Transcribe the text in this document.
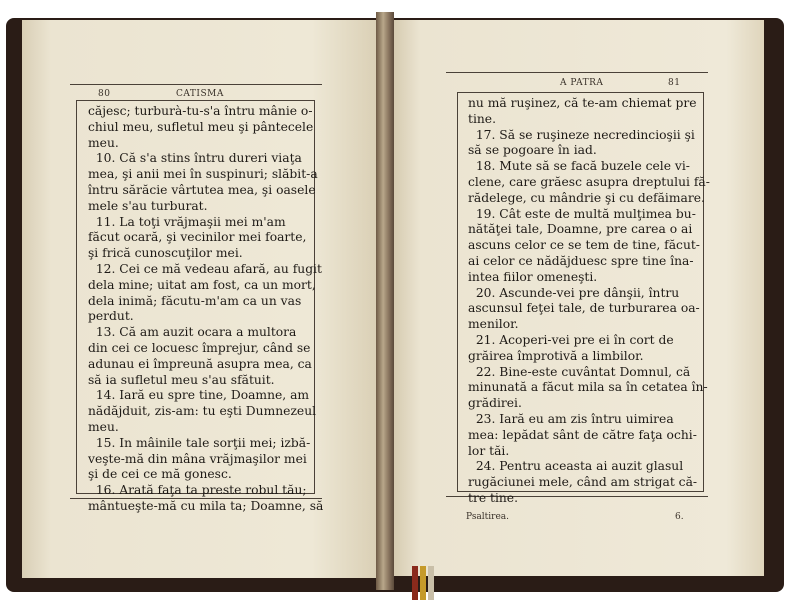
80	CATISMA
căjesc; turburà-tu-s'a întru mânie o-
chiul meu, sufletul meu şi pântecele
meu.
10. Că s'a stins întru dureri viaţa
mea, şi anii mei în suspinuri; slăbit-a
întru sărăcie vârtutea mea, şi oasele
mele s'au turburat.
11. La toţi vrăjmaşii mei m'am
făcut ocară, şi vecinilor mei foarte,
şi frică cunoscuţilor mei.
12. Cei ce mă vedeau afară, au fugit
dela mine; uitat am fost, ca un mort,
dela inimă; făcutu-m'am ca un vas
perdut.
13. Că am auzit ocara a multora
din cei ce locuesc împrejur, când se
adunau ei împreună asupra mea, ca
să ia sufletul meu s'au sfătuit.
14. Iară eu spre tine, Doamne, am
nădăjduit, zis-am: tu eşti Dumnezeul
meu.
15. In mâinile tale sorţii mei; izbă-
veşte-mă din mâna vrăjmaşilor mei
şi de cei ce mă gonesc.
16. Arată faţa ta preste robul tău;
mântueşte-mă cu mila ta; Doamne, să
A PATRA	81
nu mă ruşinez, că te-am chiemat pre
tine.
17. Să se ruşineze necredincioşii şi
să se pogoare în iad.
18. Mute să se facă buzele cele vi-
clene, care grăesc asupra dreptului fă-
rădelege, cu mândrie şi cu defăimare.
19. Cât este de multă mulţimea bu-
nătăţei tale, Doamne, pre carea o ai
ascuns celor ce se tem de tine, făcut-
ai celor ce nădăjduesc spre tine îna-
intea fiilor omeneşti.
20. Ascunde-vei pre dânşii, întru
ascunsul feţei tale, de turburarea oa-
menilor.
21. Acoperi-vei pre ei în cort de
grăirea împrotivă a limbilor.
22. Bine-este cuvântat Domnul, că
minunată a făcut mila sa în cetatea în-
grădirei.
23. Iară eu am zis întru uimirea
mea: lepădat sânt de către faţa ochi-
lor tăi.
24. Pentru aceasta ai auzit glasul
rugăciunei mele, când am strigat că-
tre tine.
Psaltirea.	6.
